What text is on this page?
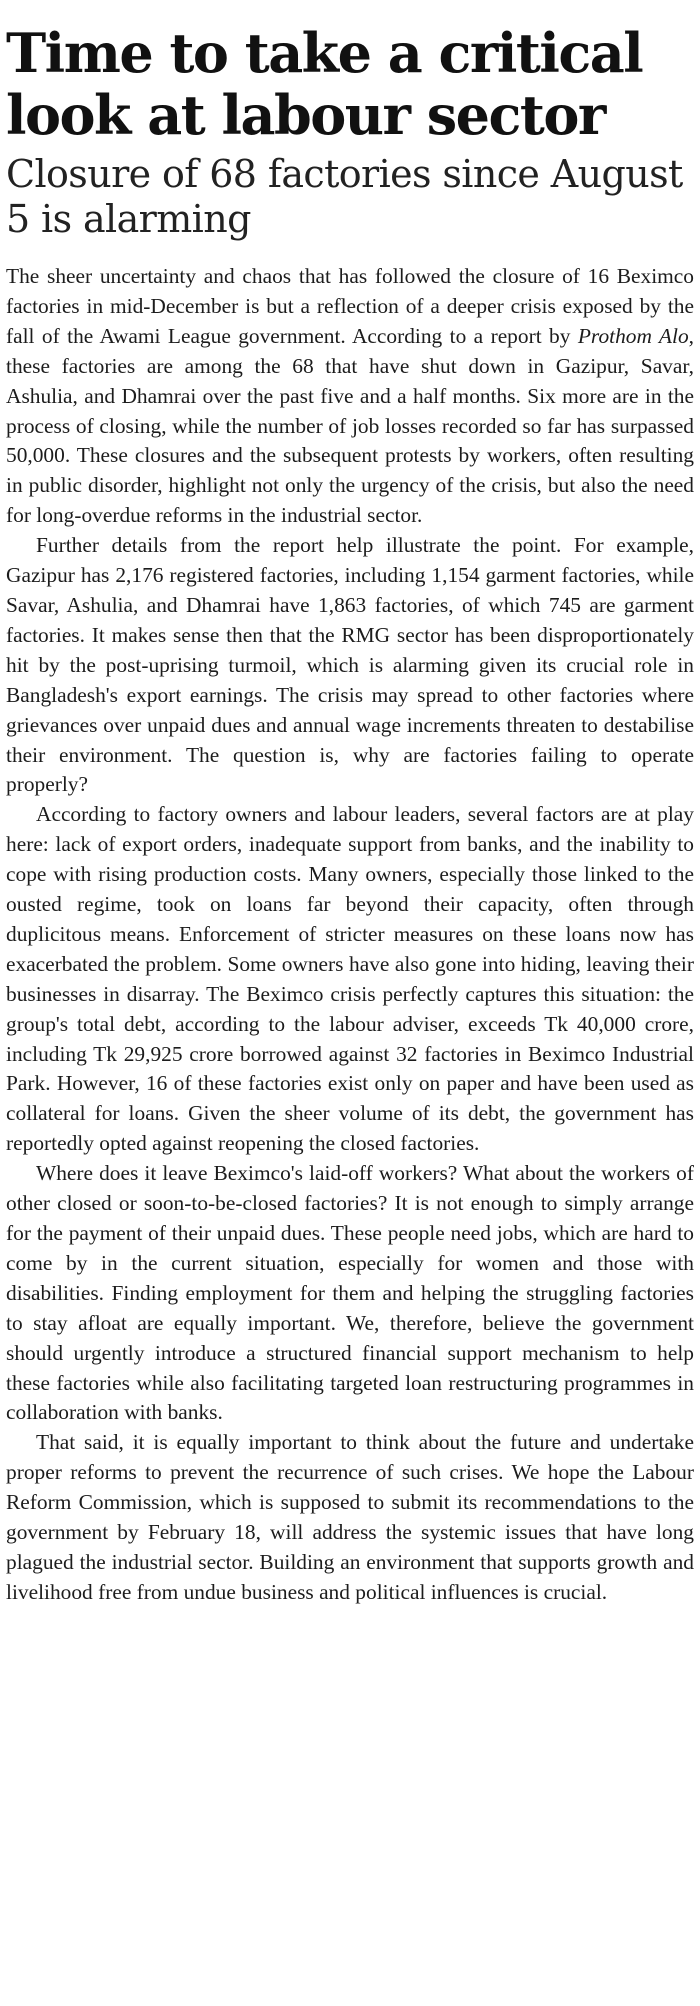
Time to take a critical look at labour sector
Closure of 68 factories since August 5 is alarming

The sheer uncertainty and chaos that has followed the closure of 16 Beximco factories in mid-December is but a reflection of a deeper crisis exposed by the fall of the Awami League government. According to a report by Prothom Alo, these factories are among the 68 that have shut down in Gazipur, Savar, Ashulia, and Dhamrai over the past five and a half months. Six more are in the process of closing, while the number of job losses recorded so far has surpassed 50,000. These closures and the subsequent protests by workers, often resulting in public disorder, highlight not only the urgency of the crisis, but also the need for long-overdue reforms in the industrial sector.

Further details from the report help illustrate the point. For example, Gazipur has 2,176 registered factories, including 1,154 garment factories, while Savar, Ashulia, and Dhamrai have 1,863 factories, of which 745 are garment factories. It makes sense then that the RMG sector has been disproportionately hit by the post-uprising turmoil, which is alarming given its crucial role in Bangladesh's export earnings. The crisis may spread to other factories where grievances over unpaid dues and annual wage increments threaten to destabilise their environment. The question is, why are factories failing to operate properly?

According to factory owners and labour leaders, several factors are at play here: lack of export orders, inadequate support from banks, and the inability to cope with rising production costs. Many owners, especially those linked to the ousted regime, took on loans far beyond their capacity, often through duplicitous means. Enforcement of stricter measures on these loans now has exacerbated the problem. Some owners have also gone into hiding, leaving their businesses in disarray. The Beximco crisis perfectly captures this situation: the group's total debt, according to the labour adviser, exceeds Tk 40,000 crore, including Tk 29,925 crore borrowed against 32 factories in Beximco Industrial Park. However, 16 of these factories exist only on paper and have been used as collateral for loans. Given the sheer volume of its debt, the government has reportedly opted against reopening the closed factories.

Where does it leave Beximco's laid-off workers? What about the workers of other closed or soon-to-be-closed factories? It is not enough to simply arrange for the payment of their unpaid dues. These people need jobs, which are hard to come by in the current situation, especially for women and those with disabilities. Finding employment for them and helping the struggling factories to stay afloat are equally important. We, therefore, believe the government should urgently introduce a structured financial support mechanism to help these factories while also facilitating targeted loan restructuring programmes in collaboration with banks.

That said, it is equally important to think about the future and undertake proper reforms to prevent the recurrence of such crises. We hope the Labour Reform Commission, which is supposed to submit its recommendations to the government by February 18, will address the systemic issues that have long plagued the industrial sector. Building an environment that supports growth and livelihood free from undue business and political influences is crucial.
